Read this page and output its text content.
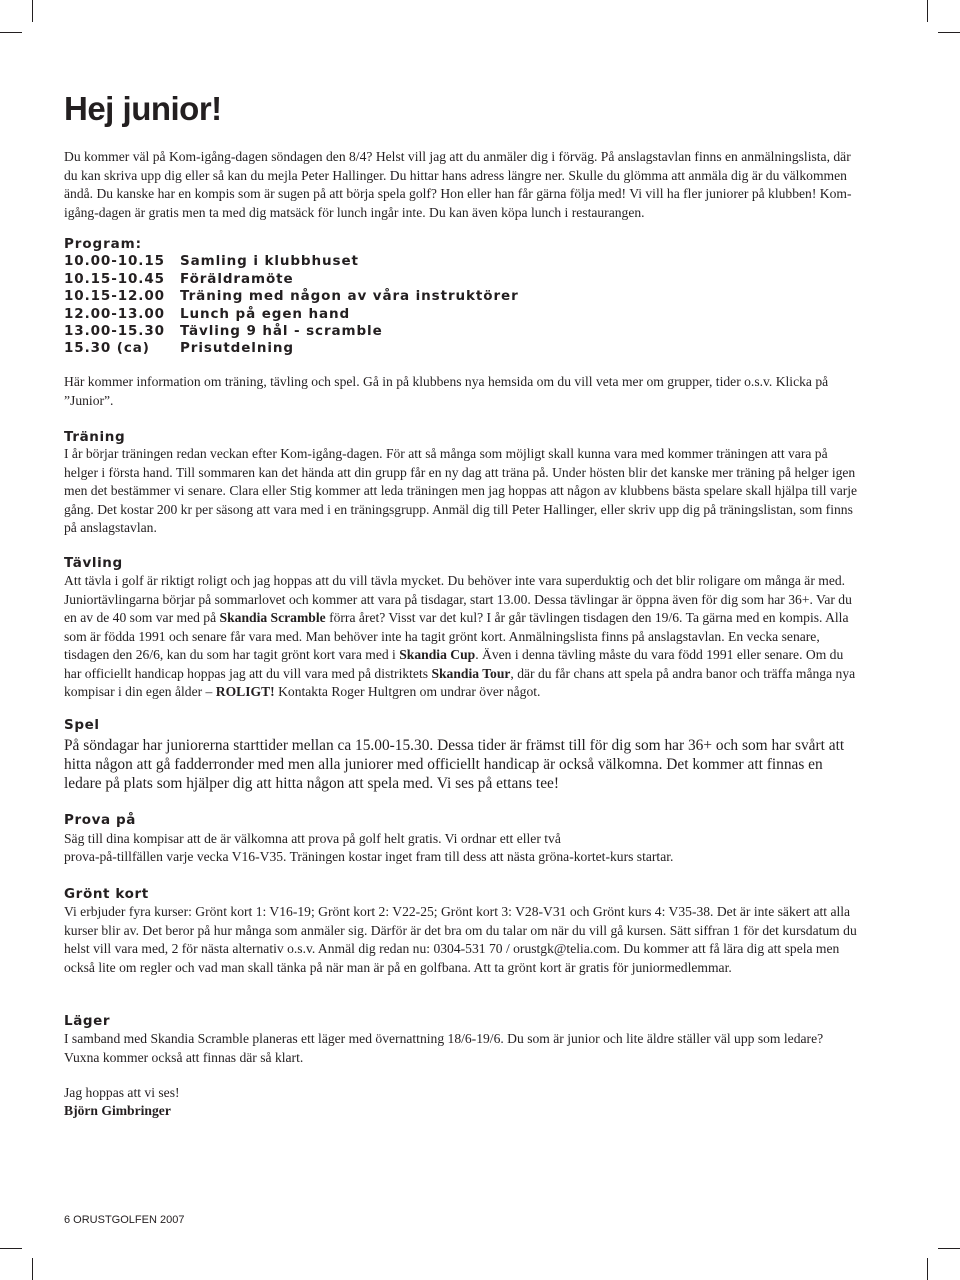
Hej junior!

Du kommer väl på Kom-igång-dagen söndagen den 8/4? Helst vill jag att du anmäler dig i förväg. På anslagstavlan finns en anmälningslista, där du kan skriva upp dig eller så kan du mejla Peter Hallinger. Du hittar hans adress längre ner. Skulle du glömma att anmäla dig är du välkommen ändå. Du kanske har en kompis som är sugen på att börja spela golf? Hon eller han får gärna följa med! Vi vill ha fler juniorer på klubben! Kom-igång-dagen är gratis men ta med dig matsäck för lunch ingår inte. Du kan även köpa lunch i restaurangen.

Program:
10.00-10.15	Samling i klubbhuset
10.15-10.45	Föräldramöte
10.15-12.00	Träning med någon av våra instruktörer
12.00-13.00	Lunch på egen hand
13.00-15.30	Tävling 9 hål - scramble
15.30 (ca)	Prisutdelning

Här kommer information om träning, tävling och spel. Gå in på klubbens nya hemsida om du vill veta mer om grupper, tider o.s.v. Klicka på ”Junior”.

Träning

I år börjar träningen redan veckan efter Kom-igång-dagen. För att så många som möjligt skall kunna vara med kommer träningen att vara på helger i första hand. Till sommaren kan det hända att din grupp får en ny dag att träna på. Under hösten blir det kanske mer träning på helger igen men det bestämmer vi senare. Clara eller Stig kommer att leda träningen men jag hoppas att någon av klubbens bästa spelare skall hjälpa till varje gång. Det kostar 200 kr per säsong att vara med i en träningsgrupp. Anmäl dig till Peter Hallinger, eller skriv upp dig på träningslistan, som finns på anslagstavlan.

Tävling

Att tävla i golf är riktigt roligt och jag hoppas att du vill tävla mycket. Du behöver inte vara superduktig och det blir roligare om många är med. Juniortävlingarna börjar på sommarlovet och kommer att vara på tisdagar, start 13.00. Dessa tävlingar är öppna även för dig som har 36+. Var du en av de 40 som var med på Skandia Scramble förra året? Visst var det kul? I år går tävlingen tisdagen den 19/6. Ta gärna med en kompis. Alla som är födda 1991 och senare får vara med. Man behöver inte ha tagit grönt kort. Anmälningslista finns på anslagstavlan. En vecka senare, tisdagen den 26/6, kan du som har tagit grönt kort vara med i Skandia Cup. Även i denna tävling måste du vara född 1991 eller senare. Om du har officiellt handicap hoppas jag att du vill vara med på distriktets Skandia Tour, där du får chans att spela på andra banor och träffa många nya kompisar i din egen ålder – ROLIGT! Kontakta Roger Hultgren om undrar över något.

Spel

På söndagar har juniorerna starttider mellan ca 15.00-15.30. Dessa tider är främst till för dig som har 36+ och som har svårt att hitta någon att gå fadderronder med men alla juniorer med officiellt handicap är också välkomna. Det kommer att finnas en ledare på plats som hjälper dig att hitta någon att spela med. Vi ses på ettans tee!

Prova på

Säg till dina kompisar att de är välkomna att prova på golf helt gratis. Vi ordnar ett eller två

prova-på-tillfällen varje vecka V16-V35. Träningen kostar inget fram till dess att nästa gröna-kortet-kurs startar.

Grönt kort

Vi erbjuder fyra kurser: Grönt kort 1: V16-19; Grönt kort 2: V22-25; Grönt kort 3: V28-V31 och Grönt kurs 4: V35-38. Det är inte säkert att alla kurser blir av. Det beror på hur många som anmäler sig. Därför är det bra om du talar om när du vill gå kursen. Sätt siffran 1 för det kursdatum du helst vill vara med, 2 för nästa alternativ o.s.v. Anmäl dig redan nu: 0304-531 70 / orustgk@telia.com. Du kommer att få lära dig att spela men också lite om regler och vad man skall tänka på när man är på en golfbana. Att ta grönt kort är gratis för juniormedlemmar.

Läger

I samband med Skandia Scramble planeras ett läger med övernattning 18/6-19/6. Du som är junior och lite äldre ställer väl upp som ledare? Vuxna kommer också att finnas där så klart.

Jag hoppas att vi ses!

Björn Gimbringer

6 ORUSTGOLFEN 2007
